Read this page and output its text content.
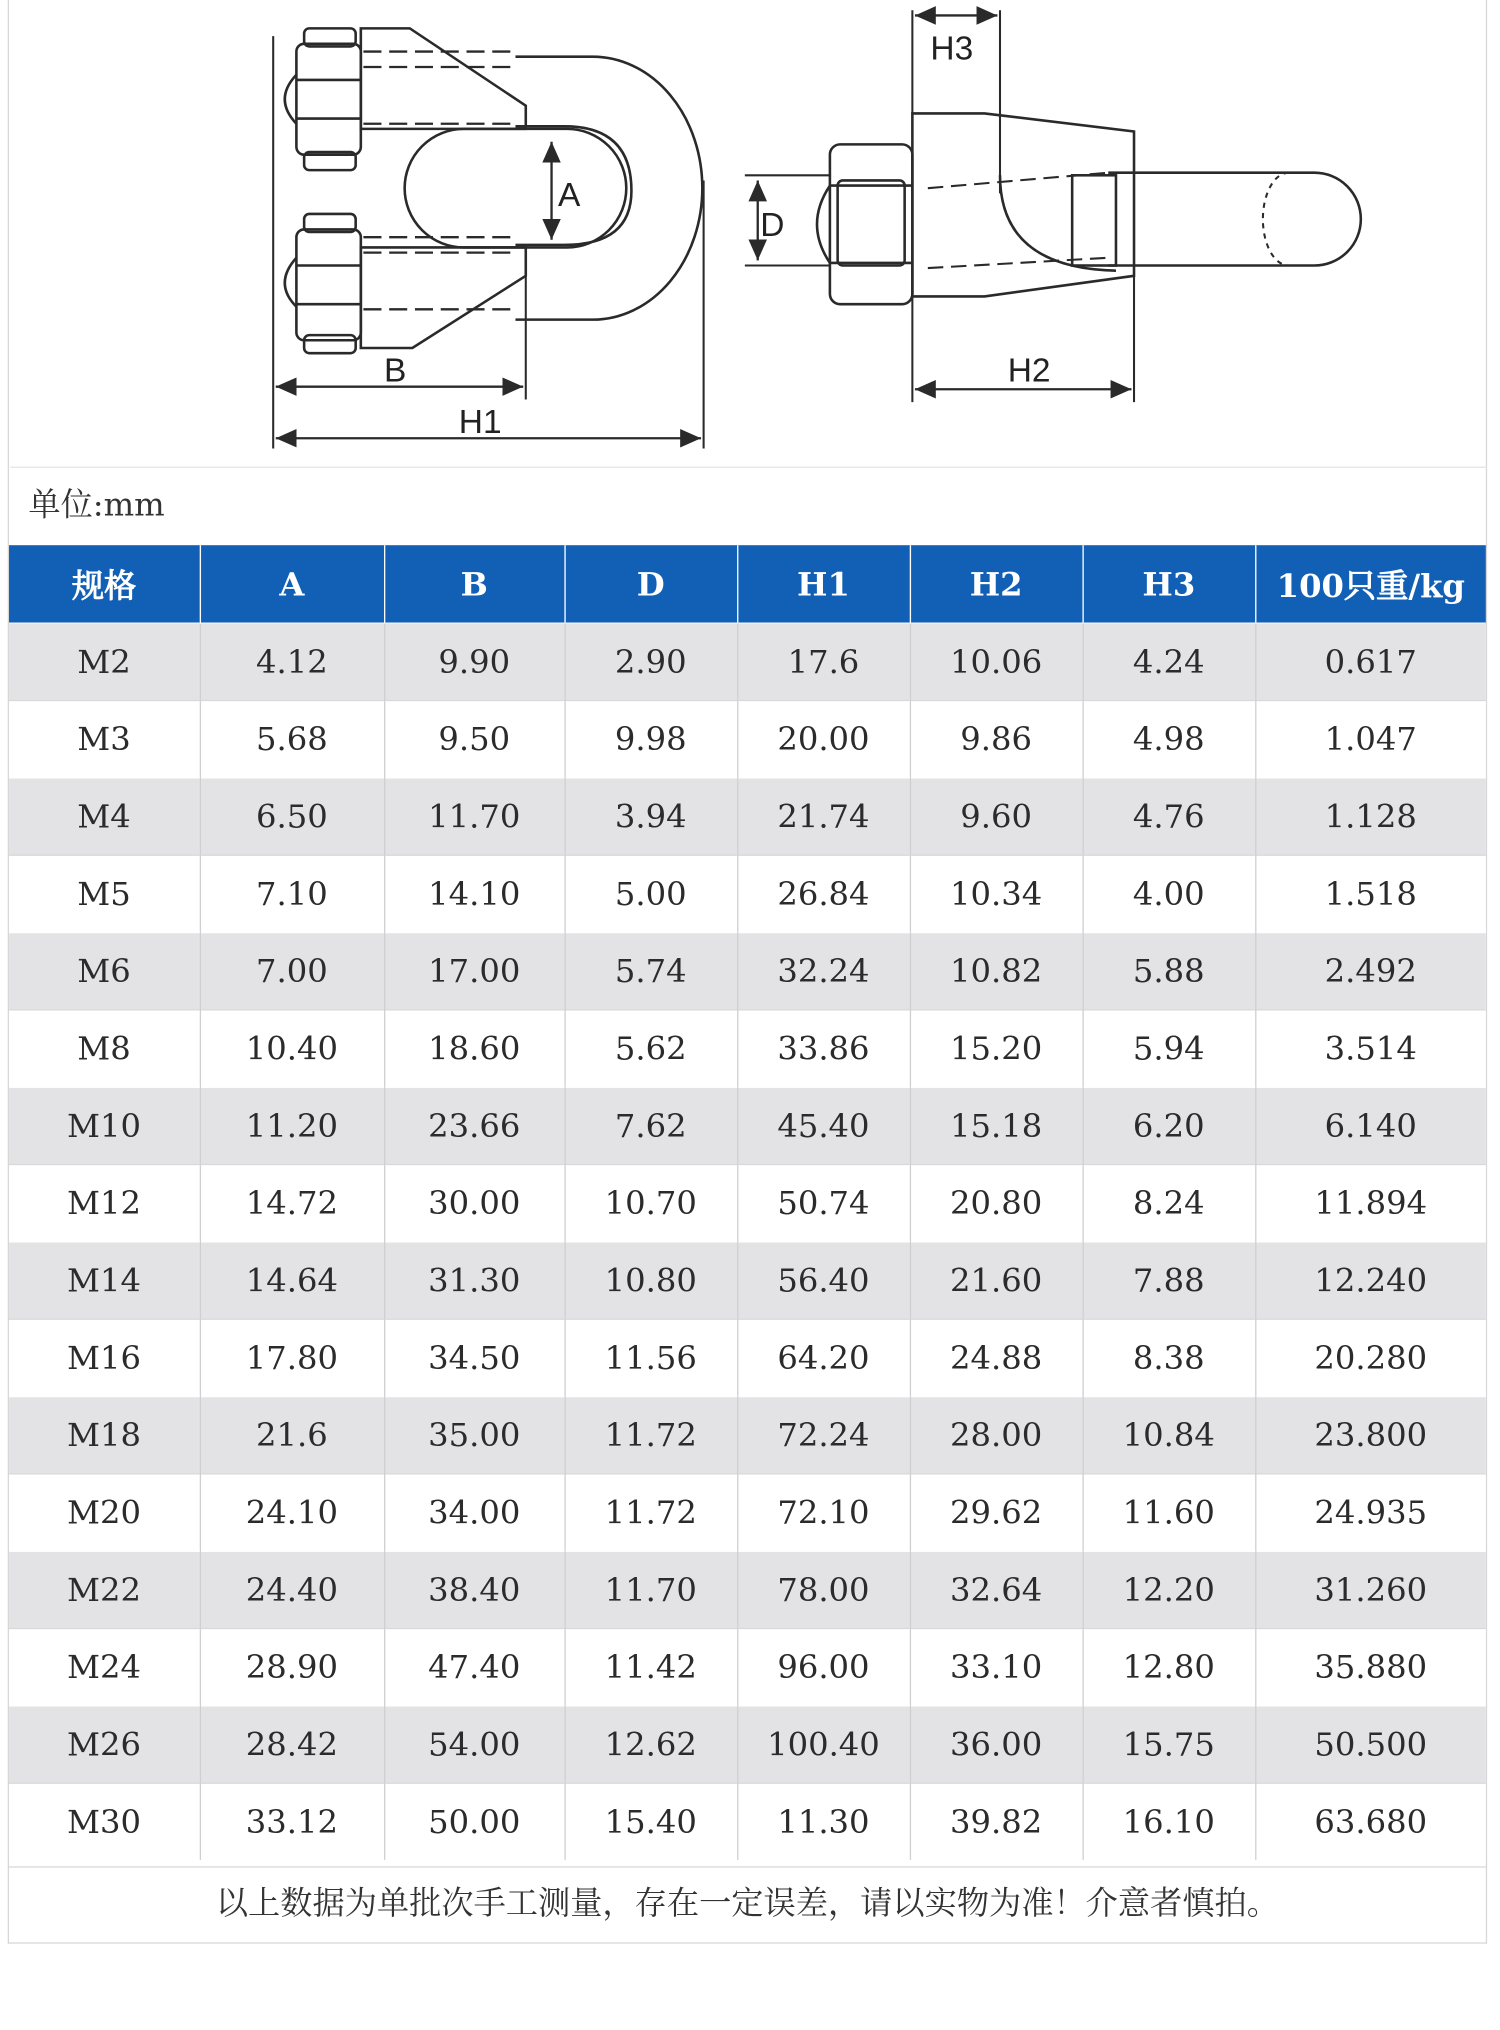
A
B
H1
D
H3
H2
单位:mm
规格	A	B	D	H1	H2	H3	100只重/kg
M2	4.12	9.90	2.90	17.6	10.06	4.24	0.617
M3	5.68	9.50	9.98	20.00	9.86	4.98	1.047
M4	6.50	11.70	3.94	21.74	9.60	4.76	1.128
M5	7.10	14.10	5.00	26.84	10.34	4.00	1.518
M6	7.00	17.00	5.74	32.24	10.82	5.88	2.492
M8	10.40	18.60	5.62	33.86	15.20	5.94	3.514
M10	11.20	23.66	7.62	45.40	15.18	6.20	6.140
M12	14.72	30.00	10.70	50.74	20.80	8.24	11.894
M14	14.64	31.30	10.80	56.40	21.60	7.88	12.240
M16	17.80	34.50	11.56	64.20	24.88	8.38	20.280
M18	21.6	35.00	11.72	72.24	28.00	10.84	23.800
M20	24.10	34.00	11.72	72.10	29.62	11.60	24.935
M22	24.40	38.40	11.70	78.00	32.64	12.20	31.260
M24	28.90	47.40	11.42	96.00	33.10	12.80	35.880
M26	28.42	54.00	12.62	100.40	36.00	15.75	50.500
M30	33.12	50.00	15.40	11.30	39.82	16.10	63.680
以上数据为单批次手工测量，存在一定误差，请以实物为准！介意者慎拍。
